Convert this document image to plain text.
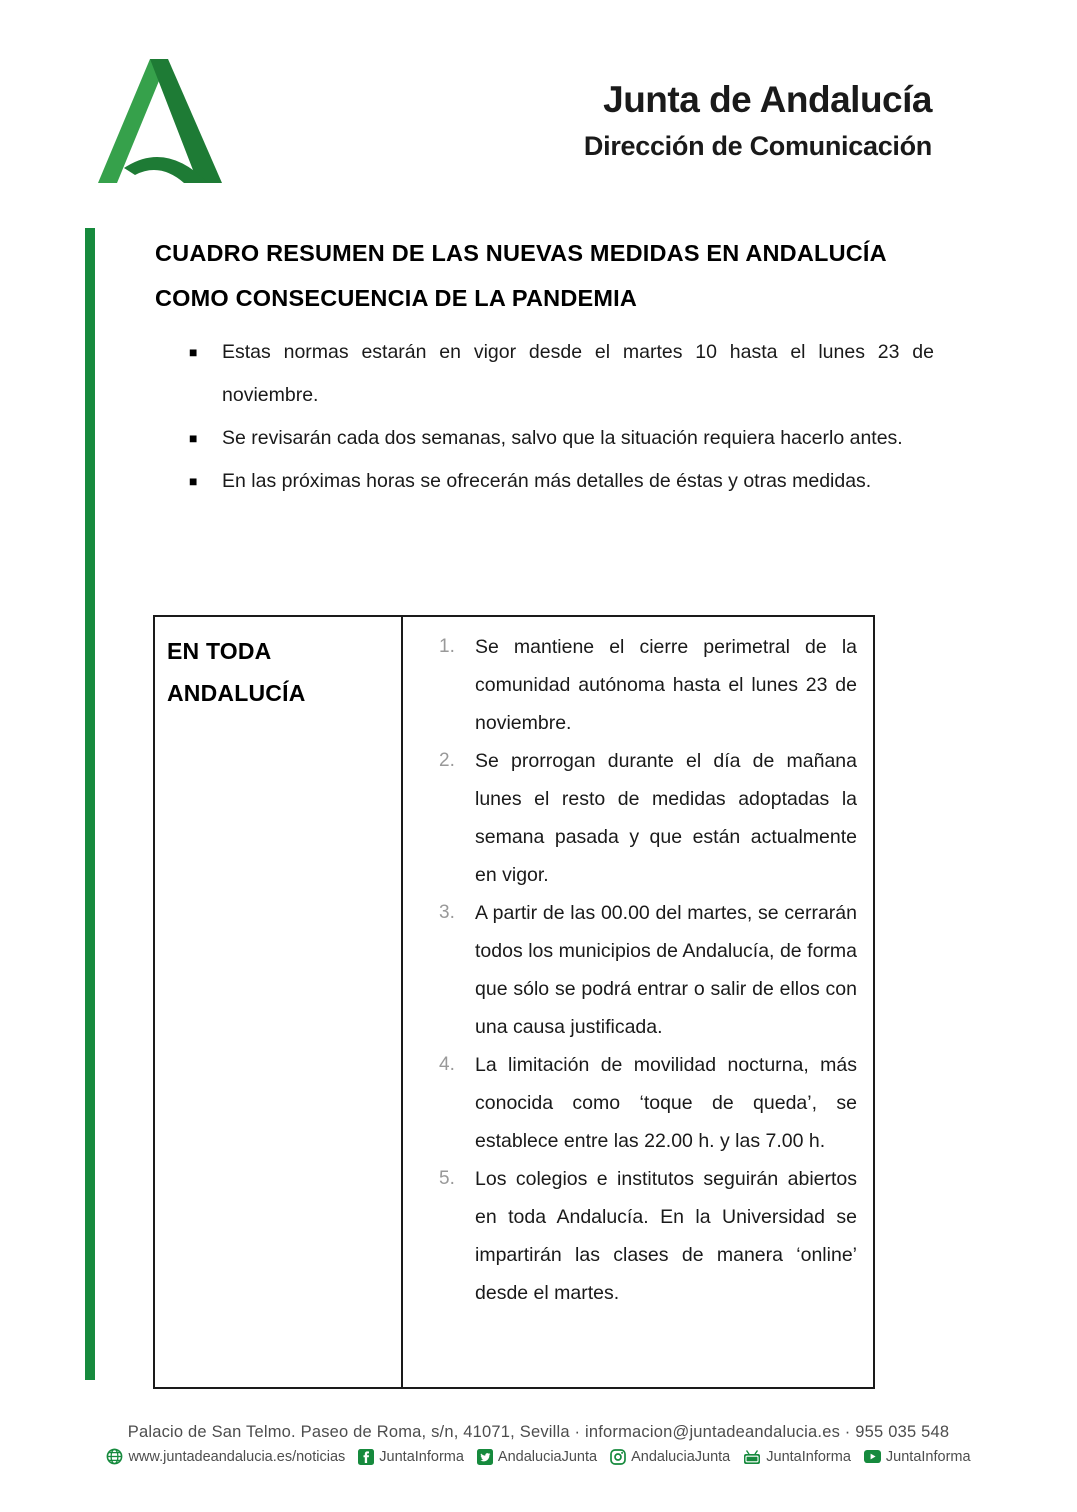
Junta de Andalucía
Dirección de Comunicación
CUADRO RESUMEN DE LAS NUEVAS MEDIDAS EN ANDALUCÍA
COMO CONSECUENCIA DE LA PANDEMIA
■	Estas normas estarán en vigor desde el martes 10 hasta el lunes 23 de noviembre.
■	Se revisarán cada dos semanas, salvo que la situación requiera hacerlo antes.
■	En las próximas horas se ofrecerán más detalles de éstas y otras medidas.
EN TODA ANDALUCÍA
1.	Se mantiene el cierre perimetral de la comunidad autónoma hasta el lunes 23 de noviembre.
2.	Se prorrogan durante el día de mañana lunes el resto de medidas adoptadas la semana pasada y que están actualmente en vigor.
3.	A partir de las 00.00 del martes, se cerrarán todos los municipios de Andalucía, de forma que sólo se podrá entrar o salir de ellos con una causa justificada.
4.	La limitación de movilidad nocturna, más conocida como ‘toque de queda’, se establece entre las 22.00 h. y las 7.00 h.
5.	Los colegios e institutos seguirán abiertos en toda Andalucía. En la Universidad se impartirán las clases de manera ‘online’ desde el martes.
Palacio de San Telmo. Paseo de Roma, s/n, 41071, Sevilla · informacion@juntadeandalucia.es · 955 035 548
www.juntadeandalucia.es/noticias JuntaInforma AndaluciaJunta AndaluciaJunta JuntaInforma JuntaInforma
